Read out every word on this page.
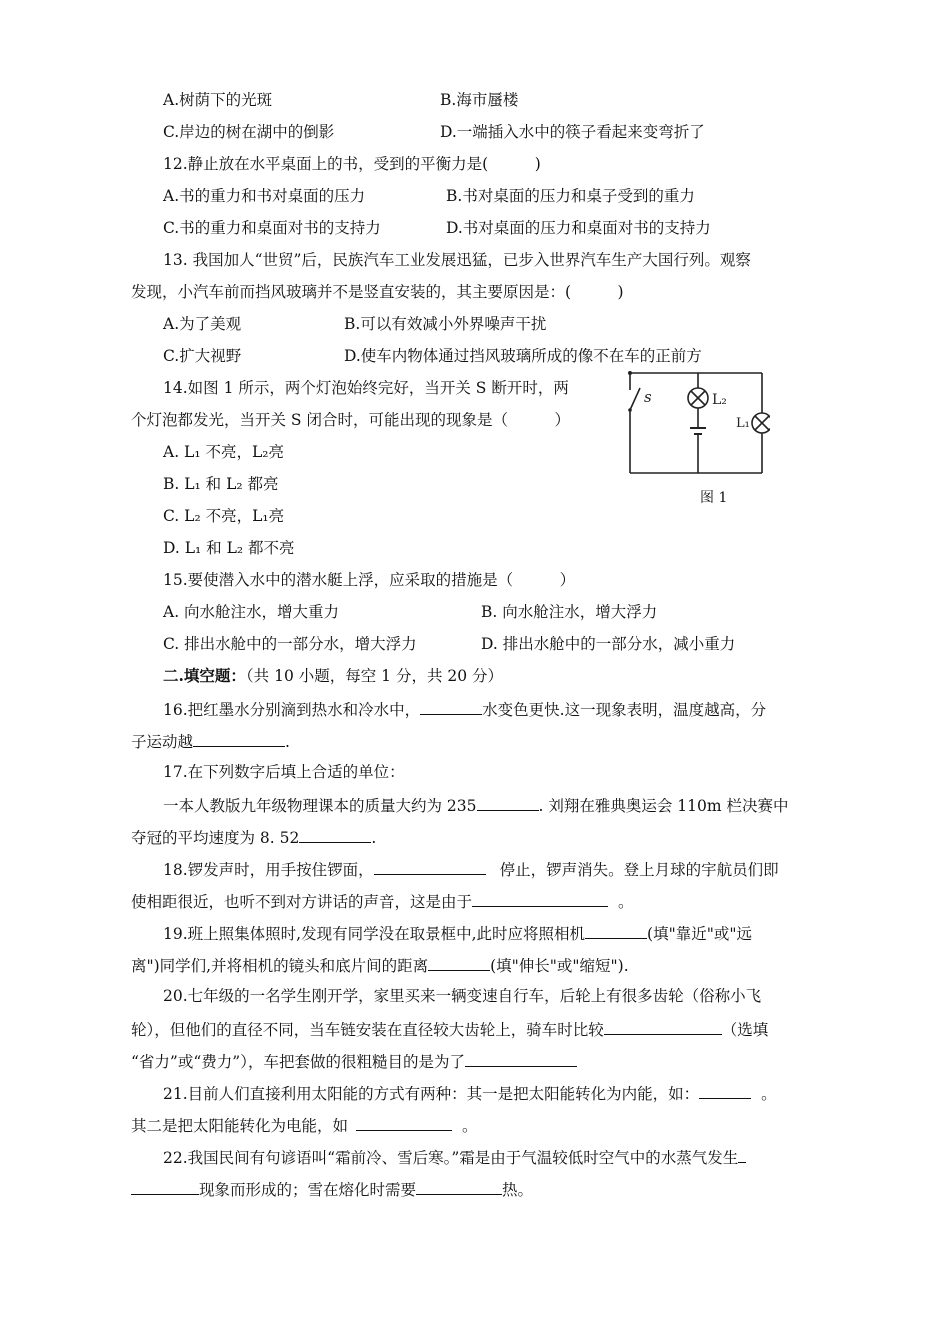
A.树荫下的光斑	B.海市蜃楼
C.岸边的树在湖中的倒影	D.一端插入水中的筷子看起来变弯折了
12.静止放在水平桌面上的书，受到的平衡力是(　　　)
A.书的重力和书对桌面的压力	B.书对桌面的压力和桌子受到的重力
C.书的重力和桌面对书的支持力	D.书对桌面的压力和桌面对书的支持力
13. 我国加人“世贸”后，民族汽车工业发展迅猛，已步入世界汽车生产大国行列。观察
发现，小汽车前而挡风玻璃并不是竖直安装的，其主要原因是：(　　　)
A.为了美观	B.可以有效减小外界噪声干扰
C.扩大视野	D.使车内物体通过挡风玻璃所成的像不在车的正前方
14.如图 1 所示，两个灯泡始终完好，当开关 S 断开时，两
个灯泡都发光，当开关 S 闭合时，可能出现的现象是（　　　）
A. L₁ 不亮，L₂亮
B. L₁ 和 L₂ 都亮
C. L₂ 不亮，L₁亮
D. L₁ 和 L₂ 都不亮
s	L₂
L₁
图 1
15.要使潜入水中的潜水艇上浮，应采取的措施是（　　　）
A. 向水舱注水，增大重力	B. 向水舱注水，增大浮力
C. 排出水舱中的一部分水，增大浮力	D. 排出水舱中的一部分水，减小重力
二.填空题：（共 10 小题，每空 1 分，共 20 分）
16.把红墨水分别滴到热水和冷水中，	水变色更快.这一现象表明，温度越高，分
子运动越	.
17.在下列数字后填上合适的单位：
一本人教版九年级物理课本的质量大约为 235	. 刘翔在雅典奥运会 110m 栏决赛中
夺冠的平均速度为 8. 52	.
18.锣发声时，用手按住锣面，	停止，锣声消失。登上月球的宇航员们即
使相距很近，也听不到对方讲话的声音，这是由于	。
19.班上照集体照时,发现有同学没在取景框中,此时应将照相机	(填"靠近"或"远
离")同学们,并将相机的镜头和底片间的距离	(填"伸长"或"缩短").
20.七年级的一名学生刚开学，家里买来一辆变速自行车，后轮上有很多齿轮（俗称小飞
轮），但他们的直径不同，当车链安装在直径较大齿轮上，骑车时比较	（选填
“省力”或“费力”），车把套做的很粗糙目的是为了
21.目前人们直接利用太阳能的方式有两种：其一是把太阳能转化为内能，如：	。
其二是把太阳能转化为电能，如	。
22.我国民间有句谚语叫“霜前冷、雪后寒。”霜是由于气温较低时空气中的水蒸气发生
现象而形成的；雪在熔化时需要	热。
